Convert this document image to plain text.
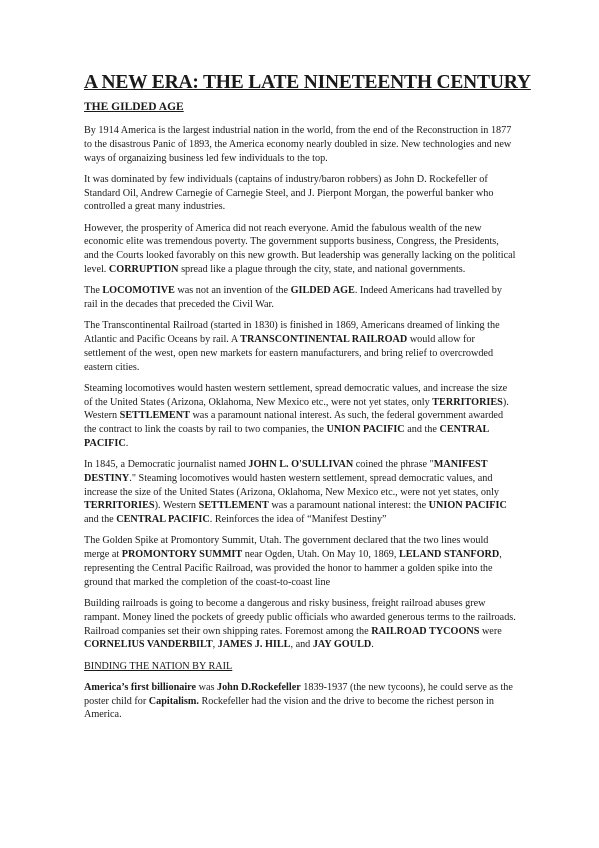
A NEW ERA: THE LATE NINETEENTH CENTURY
THE GILDED AGE

By 1914 America is the largest industrial nation in the world, from the end of the Reconstruction in 1877 to the disastrous Panic of 1893, the America economy nearly doubled in size. New technologies and new ways of organaizing business led few individuals to the top.

It was dominated by few individuals (captains of industry/baron robbers) as John D. Rockefeller of Standard Oil, Andrew Carnegie of Carnegie Steel, and J. Pierpont Morgan, the powerful banker who controlled a great many industries.

However, the prosperity of America did not reach everyone. Amid the fabulous wealth of the new economic elite was tremendous poverty. The government supports business, Congress, the Presidents, and the Courts looked favorably on this new growth. But leadership was generally lacking on the political level. CORRUPTION spread like a plague through the city, state, and national governments.

The LOCOMOTIVE was not an invention of the GILDED AGE. Indeed Americans had travelled by rail in the decades that preceded the Civil War.

The Transcontinental Railroad (started in 1830) is finished in 1869, Americans dreamed of linking the Atlantic and Pacific Oceans by rail. A TRANSCONTINENTAL RAILROAD would allow for settlement of the west, open new markets for eastern manufacturers, and bring relief to overcrowded eastern cities.

Steaming locomotives would hasten western settlement, spread democratic values, and increase the size of the United States (Arizona, Oklahoma, New Mexico etc., were not yet states, only TERRITORIES). Western SETTLEMENT was a paramount national interest. As such, the federal government awarded the contract to link the coasts by rail to two companies, the UNION PACIFIC and the CENTRAL PACIFIC.

In 1845, a Democratic journalist named JOHN L. O'SULLIVAN coined the phrase "MANIFEST DESTINY." Steaming locomotives would hasten western settlement, spread democratic values, and increase the size of the United States (Arizona, Oklahoma, New Mexico etc., were not yet states, only TERRITORIES). Western SETTLEMENT was a paramount national interest: the UNION PACIFIC and the CENTRAL PACIFIC. Reinforces the idea of “Manifest Destiny”

The Golden Spike at Promontory Summit, Utah. The government declared that the two lines would merge at PROMONTORY SUMMIT near Ogden, Utah. On May 10, 1869, LELAND STANFORD, representing the Central Pacific Railroad, was provided the honor to hammer a golden spike into the ground that marked the completion of the coast-to-coast line

Building railroads is going to become a dangerous and risky business, freight railroad abuses grew rampant. Money lined the pockets of greedy public officials who awarded generous terms to the railroads. Railroad companies set their own shipping rates. Foremost among the RAILROAD TYCOONS were CORNELIUS VANDERBILT, JAMES J. HILL, and JAY GOULD.

BINDING THE NATION BY RAIL

America’s first billionaire was John D.Rockefeller 1839-1937 (the new tycoons), he could serve as the poster child for Capitalism. Rockefeller had the vision and the drive to become the richest person in America.
